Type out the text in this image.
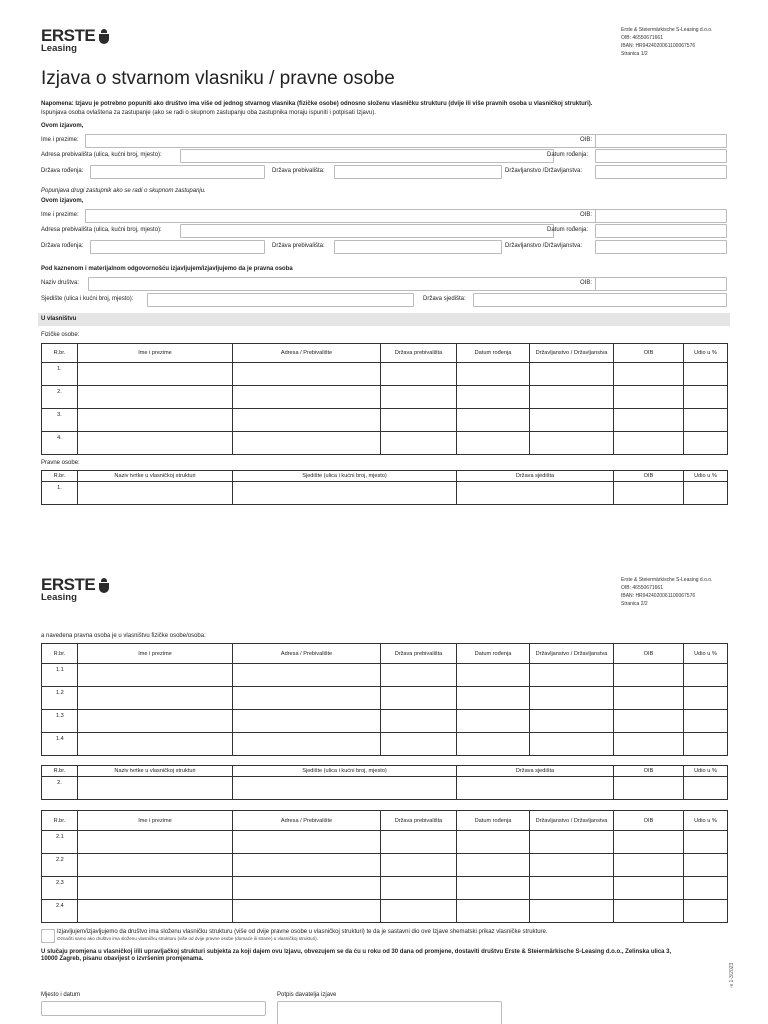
ERSTE
Leasing
Erste & Steiermärkische S-Leasing d.o.o.
OIB: 46550671661
IBAN: HR9424020061100067576
Stranica 1/2
Izjava o stvarnom vlasniku / pravne osobe
Napomena: Izjavu je potrebno popuniti ako društvo ima više od jednog stvarnog vlasnika (fizičke osobe) odnosno složenu vlasničku strukturu (dvije ili više pravnih osoba u vlasničkoj strukturi).
Ispunjava osoba ovlaštena za zastupanje (ako se radi o skupnom zastupanju oba zastupnika moraju ispuniti i potpisati Izjavu).
Ovom izjavom,
Ime i prezime:	OIB:
Adresa prebivališta (ulica, kućni broj, mjesto):	Datum rođenja:
Država rođenja:	Država prebivališta:	Državljanstvo /Državljanstva:
Popunjava drugi zastupnik ako se radi o skupnom zastupanju.
Ovom izjavom,
Ime i prezime:	OIB:
Adresa prebivališta (ulica, kućni broj, mjesto):	Datum rođenja:
Država rođenja:	Država prebivališta:	Državljanstvo /Državljanstva:
Pod kaznenom i materijalnom odgovornošću izjavljujem/izjavljujemo da je pravna osoba
Naziv društva:	OIB:
Sjedište (ulica i kućni broj, mjesto):	Država sjedišta:
U vlasništvu
Fizičke osobe:
R.br.	Ime i prezime	Adresa / Prebivalište	Država prebivališta	Datum rođenja	Državljanstvo / Državljanstva	OIB	Udio u %
1.							
2.							
3.							
4.							
Pravne osobe:
R.br.	Naziv tvrtke u vlasničkoj strukturi	Sjedište (ulica i kućni broj, mjesto)	Država sjedišta	OIB	Udio u %
1.					
ERSTE
Leasing
Erste & Steiermärkische S-Leasing d.o.o.
OIB: 46550671661
IBAN: HR9424020061100067576
Stranica 2/2
a navedena pravna osoba je u vlasništvu fizičke osobe/osoba:
R.br.	Ime i prezime	Adresa / Prebivalište	Država prebivališta	Datum rođenja	Državljanstvo / Državljanstva	OIB	Udio u %
1.1							
1.2							
1.3							
1.4							
R.br.	Naziv tvrtke u vlasničkoj strukturi	Sjedište (ulica i kućni broj, mjesto)	Država sjedišta	OIB	Udio u %
2.					
R.br.	Ime i prezime	Adresa / Prebivalište	Država prebivališta	Datum rođenja	Državljanstvo / Državljanstva	OIB	Udio u %
2.1							
2.2							
2.3							
2.4							
Izjavljujem/izjavljujemo da društvo ima složenu vlasničku strukturu (više od dvije pravne osobe u vlasničkoj strukturi) te da je sastavni dio ove Izjave shematski prikaz vlasničke strukture.
Označiti samo ako društvo ima složenu vlasničku strukturu (više od dvije pravne osobe (domaće ili strane) u vlasničkoj strukturi).
U slučaju promjena u vlasničkoj i/ili upravljačkoj strukturi subjekta za koji dajem ovu Izjavu, obvezujem se da ću u roku od 30 dana od promjene, dostaviti društvu Erste & Steiermärkische S-Leasing d.o.o., Zelinska ulica 3,
10000 Zagreb, pisanu obavijest o izvršenim promjenama.
Mjesto i datum	Potpis davatelja izjave
-v 1-3/2023
